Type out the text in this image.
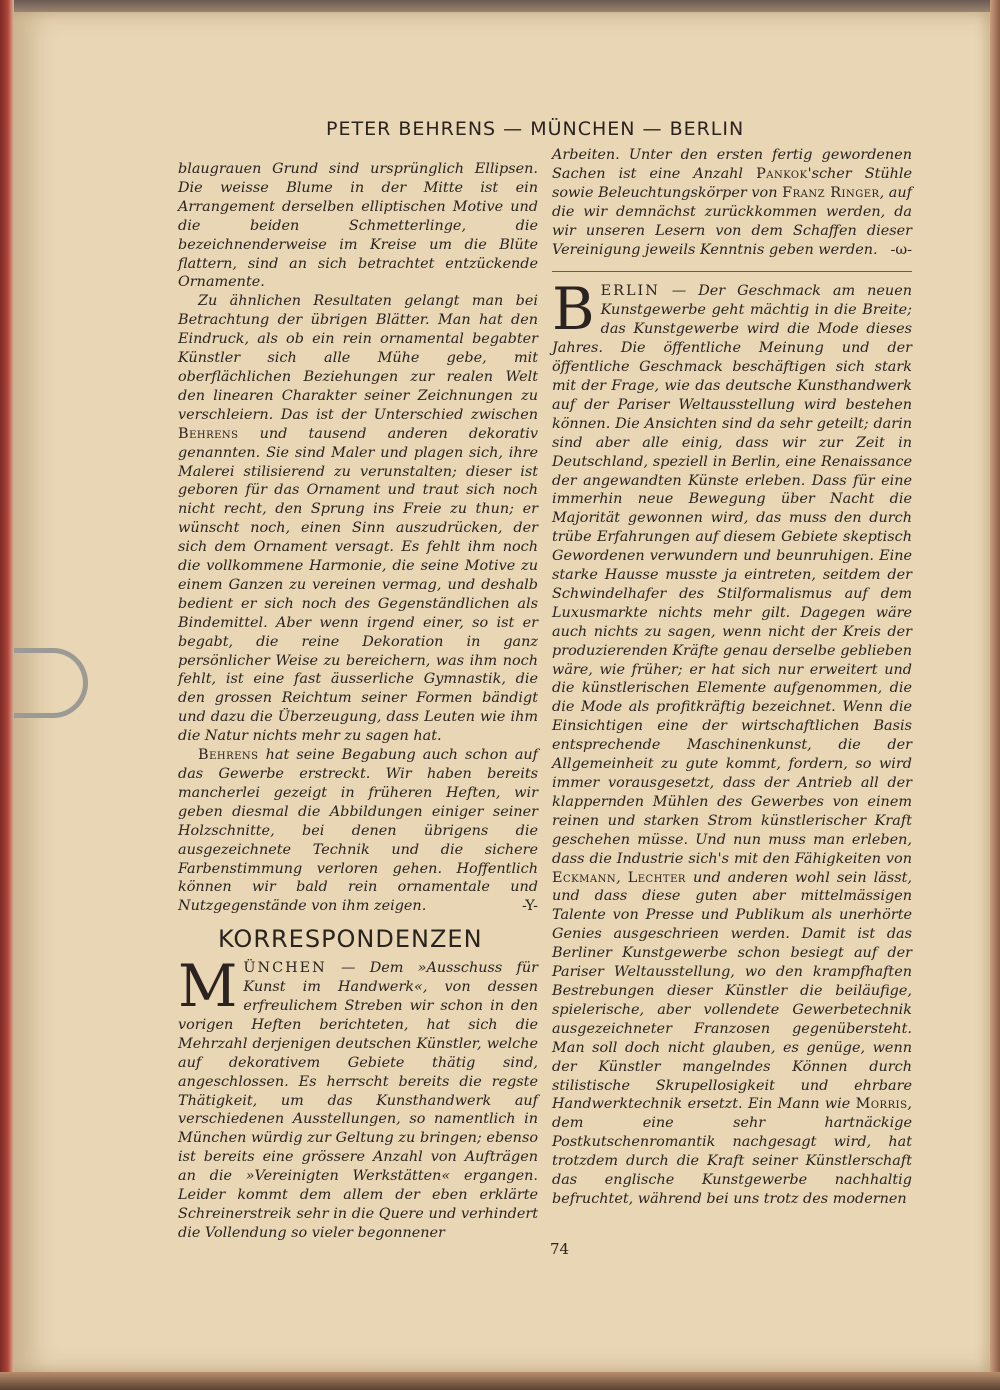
PETER BEHRENS — MÜNCHEN — BERLIN

blaugrauen Grund sind ursprünglich Ellipsen. Die weisse Blume in der Mitte ist ein Arrangement derselben elliptischen Motive und die beiden Schmetterlinge, die bezeichnenderweise im Kreise um die Blüte flattern, sind an sich betrachtet entzückende Ornamente.

Zu ähnlichen Resultaten gelangt man bei Betrachtung der übrigen Blätter. Man hat den Eindruck, als ob ein rein ornamental begabter Künstler sich alle Mühe gebe, mit oberflächlichen Beziehungen zur realen Welt den linearen Charakter seiner Zeichnungen zu verschleiern. Das ist der Unterschied zwischen Behrens und tausend anderen dekorativ genannten. Sie sind Maler und plagen sich, ihre Malerei stilisierend zu verunstalten; dieser ist geboren für das Ornament und traut sich noch nicht recht, den Sprung ins Freie zu thun; er wünscht noch, einen Sinn auszudrücken, der sich dem Ornament versagt. Es fehlt ihm noch die vollkommene Harmonie, die seine Motive zu einem Ganzen zu vereinen vermag, und deshalb bedient er sich noch des Gegenständlichen als Bindemittel. Aber wenn irgend einer, so ist er begabt, die reine Dekoration in ganz persönlicher Weise zu bereichern, was ihm noch fehlt, ist eine fast äusserliche Gymnastik, die den grossen Reichtum seiner Formen bändigt und dazu die Überzeugung, dass Leuten wie ihm die Natur nichts mehr zu sagen hat.

Behrens hat seine Begabung auch schon auf das Gewerbe erstreckt. Wir haben bereits mancherlei gezeigt in früheren Heften, wir geben diesmal die Abbildungen einiger seiner Holzschnitte, bei denen übrigens die ausgezeichnete Technik und die sichere Farbenstimmung verloren gehen. Hoffentlich können wir bald rein ornamentale und Nutzgegenstände von ihm zeigen.	-Y-

KORRESPONDENZEN

MÜNCHEN — Dem »Ausschuss für Kunst im Handwerk«, von dessen erfreulichem Streben wir schon in den vorigen Heften berichteten, hat sich die Mehrzahl derjenigen deutschen Künstler, welche auf dekorativem Gebiete thätig sind, angeschlossen. Es herrscht bereits die regste Thätigkeit, um das Kunsthandwerk auf verschiedenen Ausstellungen, so namentlich in München würdig zur Geltung zu bringen; ebenso ist bereits eine grössere Anzahl von Aufträgen an die »Vereinigten Werkstätten« ergangen. Leider kommt dem allem der eben erklärte Schreinerstreik sehr in die Quere und verhindert die Vollendung so vieler begonnener

Arbeiten. Unter den ersten fertig gewordenen Sachen ist eine Anzahl Pankok'scher Stühle sowie Beleuchtungskörper von Franz Ringer, auf die wir demnächst zurückkommen werden, da wir unseren Lesern von dem Schaffen dieser Vereinigung jeweils Kenntnis geben werden. -ω-

BERLIN — Der Geschmack am neuen Kunstgewerbe geht mächtig in die Breite; das Kunstgewerbe wird die Mode dieses Jahres. Die öffentliche Meinung und der öffentliche Geschmack beschäftigen sich stark mit der Frage, wie das deutsche Kunsthandwerk auf der Pariser Weltausstellung wird bestehen können. Die Ansichten sind da sehr geteilt; darin sind aber alle einig, dass wir zur Zeit in Deutschland, speziell in Berlin, eine Renaissance der angewandten Künste erleben. Dass für eine immerhin neue Bewegung über Nacht die Majorität gewonnen wird, das muss den durch trübe Erfahrungen auf diesem Gebiete skeptisch Gewordenen verwundern und beunruhigen. Eine starke Hausse musste ja eintreten, seitdem der Schwindelhafer des Stilformalismus auf dem Luxusmarkte nichts mehr gilt. Dagegen wäre auch nichts zu sagen, wenn nicht der Kreis der produzierenden Kräfte genau derselbe geblieben wäre, wie früher; er hat sich nur erweitert und die künstlerischen Elemente aufgenommen, die die Mode als profitkräftig bezeichnet. Wenn die Einsichtigen eine der wirtschaftlichen Basis entsprechende Maschinenkunst, die der Allgemeinheit zu gute kommt, fordern, so wird immer vorausgesetzt, dass der Antrieb all der klappernden Mühlen des Gewerbes von einem reinen und starken Strom künstlerischer Kraft geschehen müsse. Und nun muss man erleben, dass die Industrie sich's mit den Fähigkeiten von Eckmann, Lechter und anderen wohl sein lässt, und dass diese guten aber mittelmässigen Talente von Presse und Publikum als unerhörte Genies ausgeschrieen werden. Damit ist das Berliner Kunstgewerbe schon besiegt auf der Pariser Weltausstellung, wo den krampfhaften Bestrebungen dieser Künstler die beiläufige, spielerische, aber vollendete Gewerbetechnik ausgezeichneter Franzosen gegenübersteht. Man soll doch nicht glauben, es genüge, wenn der Künstler mangelndes Können durch stilistische Skrupellosigkeit und ehrbare Handwerktechnik ersetzt. Ein Mann wie Morris, dem eine sehr hartnäckige Postkutschenromantik nachgesagt wird, hat trotzdem durch die Kraft seiner Künstlerschaft das englische Kunstgewerbe nachhaltig befruchtet, während bei uns trotz des modernen

74
